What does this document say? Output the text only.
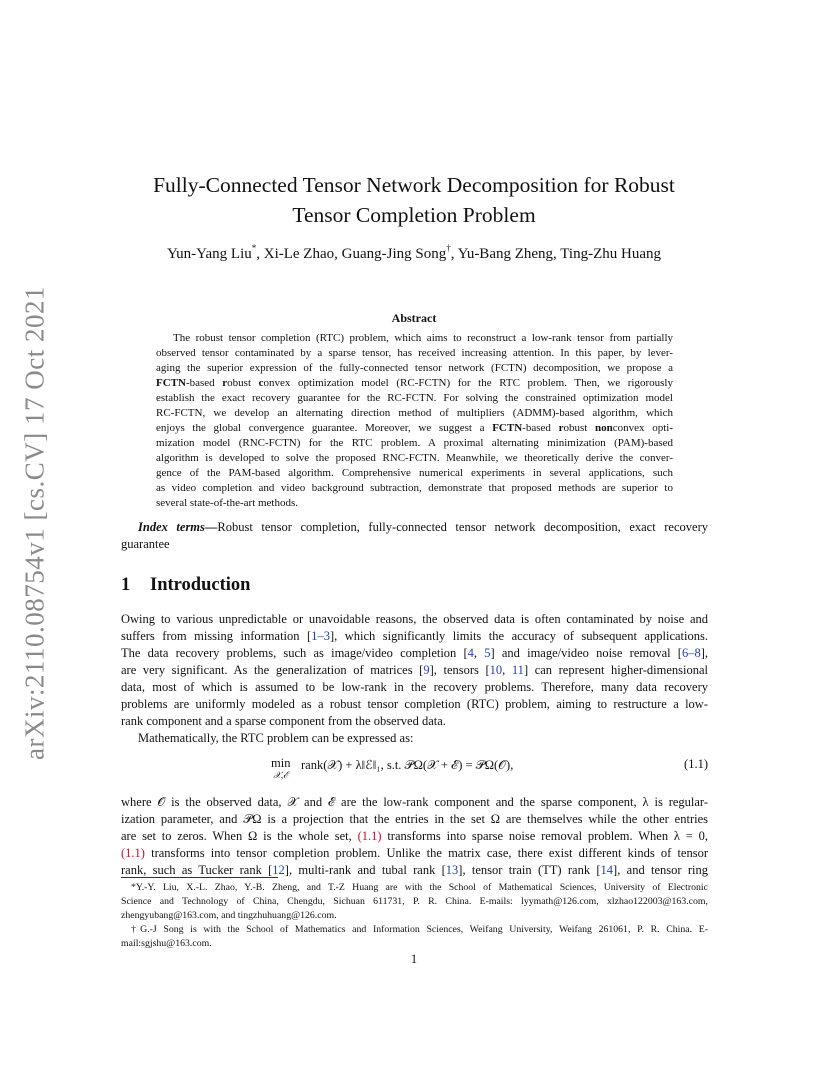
arXiv:2110.08754v1 [cs.CV] 17 Oct 2021
Fully-Connected Tensor Network Decomposition for Robust
Tensor Completion Problem
Yun-Yang Liu*, Xi-Le Zhao, Guang-Jing Song†, Yu-Bang Zheng, Ting-Zhu Huang
Abstract
The robust tensor completion (RTC) problem, which aims to reconstruct a low-rank tensor from partially
observed tensor contaminated by a sparse tensor, has received increasing attention. In this paper, by lever-
aging the superior expression of the fully-connected tensor network (FCTN) decomposition, we propose a
FCTN-based robust convex optimization model (RC-FCTN) for the RTC problem. Then, we rigorously
establish the exact recovery guarantee for the RC-FCTN. For solving the constrained optimization model
RC-FCTN, we develop an alternating direction method of multipliers (ADMM)-based algorithm, which
enjoys the global convergence guarantee. Moreover, we suggest a FCTN-based robust nonconvex opti-
mization model (RNC-FCTN) for the RTC problem. A proximal alternating minimization (PAM)-based
algorithm is developed to solve the proposed RNC-FCTN. Meanwhile, we theoretically derive the conver-
gence of the PAM-based algorithm. Comprehensive numerical experiments in several applications, such
as video completion and video background subtraction, demonstrate that proposed methods are superior to
several state-of-the-art methods.
Index terms—Robust tensor completion, fully-connected tensor network decomposition, exact recovery
guarantee
1 Introduction
Owing to various unpredictable or unavoidable reasons, the observed data is often contaminated by noise and
suffers from missing information [1–3], which significantly limits the accuracy of subsequent applications.
The data recovery problems, such as image/video completion [4, 5] and image/video noise removal [6–8],
are very significant. As the generalization of matrices [9], tensors [10, 11] can represent higher-dimensional
data, most of which is assumed to be low-rank in the recovery problems. Therefore, many data recovery
problems are uniformly modeled as a robust tensor completion (RTC) problem, aiming to restructure a low-
rank component and a sparse component from the observed data.
Mathematically, the RTC problem can be expressed as:
min
𝒳,ℰ
rank(𝒳) + λ‖ℰ‖₁, s.t. 𝒫Ω(𝒳 + ℰ) = 𝒫Ω(𝒪),	(1.1)
where 𝒪 is the observed data, 𝒳 and ℰ are the low-rank component and the sparse component, λ is regular-
ization parameter, and 𝒫Ω is a projection that the entries in the set Ω are themselves while the other entries
are set to zeros. When Ω is the whole set, (1.1) transforms into sparse noise removal problem. When λ = 0,
(1.1) transforms into tensor completion problem. Unlike the matrix case, there exist different kinds of tensor
rank, such as Tucker rank [12], multi-rank and tubal rank [13], tensor train (TT) rank [14], and tensor ring
*Y.-Y. Liu, X.-L. Zhao, Y.-B. Zheng, and T.-Z Huang are with the School of Mathematical Sciences, University of Electronic
Science and Technology of China, Chengdu, Sichuan 611731, P. R. China. E-mails: lyymath@126.com, xlzhao122003@163.com,
zhengyubang@163.com, and tingzhuhuang@126.com.
†G.-J Song is with the School of Mathematics and Information Sciences, Weifang University, Weifang 261061, P. R. China. E-
mail:sgjshu@163.com.
1
